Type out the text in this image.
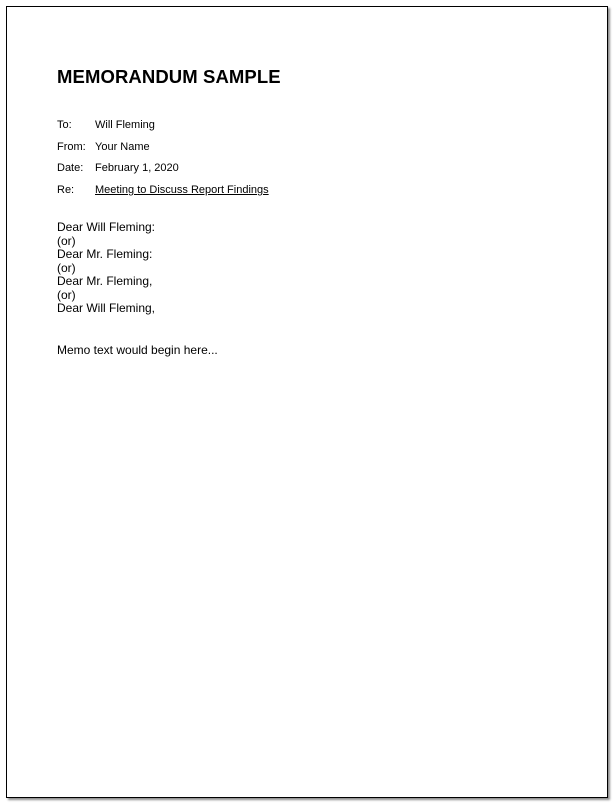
MEMORANDUM SAMPLE
To:	Will Fleming
From: Your Name
Date:	February 1, 2020
Re:	Meeting to Discuss Report Findings
Dear Will Fleming:
(or)
Dear Mr. Fleming:
(or)
Dear Mr. Fleming,
(or)
Dear Will Fleming,
Memo text would begin here...
